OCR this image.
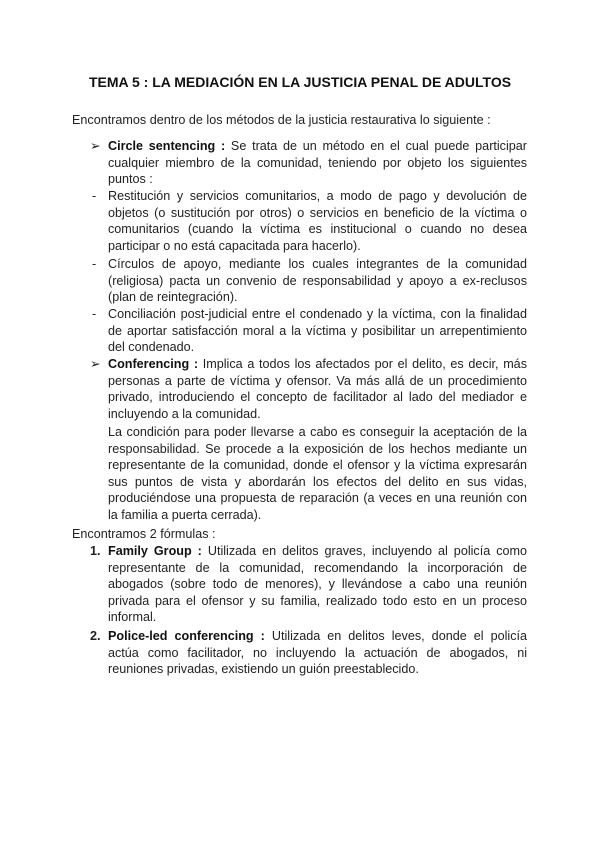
TEMA 5 : LA MEDIACIÓN EN LA JUSTICIA PENAL DE ADULTOS

Encontramos dentro de los métodos de la justicia restaurativa lo siguiente :

➢ Circle sentencing : Se trata de un método en el cual puede participar cualquier miembro de la comunidad, teniendo por objeto los siguientes puntos :

- Restitución y servicios comunitarios, a modo de pago y devolución de objetos (o sustitución por otros) o servicios en beneficio de la víctima o comunitarios (cuando la víctima es institucional o cuando no desea participar o no está capacitada para hacerlo).

- Círculos de apoyo, mediante los cuales integrantes de la comunidad (religiosa) pacta un convenio de responsabilidad y apoyo a ex-reclusos (plan de reintegración).

- Conciliación post-judicial entre el condenado y la víctima, con la finalidad de aportar satisfacción moral a la víctima y posibilitar un arrepentimiento del condenado.

➢ Conferencing : Implica a todos los afectados por el delito, es decir, más personas a parte de víctima y ofensor. Va más allá de un procedimiento privado, introduciendo el concepto de facilitador al lado del mediador e incluyendo a la comunidad.

La condición para poder llevarse a cabo es conseguir la aceptación de la responsabilidad. Se procede a la exposición de los hechos mediante un representante de la comunidad, donde el ofensor y la víctima expresarán sus puntos de vista y abordarán los efectos del delito en sus vidas, produciéndose una propuesta de reparación (a veces en una reunión con la familia a puerta cerrada).

Encontramos 2 fórmulas :

1. Family Group : Utilizada en delitos graves, incluyendo al policía como representante de la comunidad, recomendando la incorporación de abogados (sobre todo de menores), y llevándose a cabo una reunión privada para el ofensor y su familia, realizado todo esto en un proceso informal.

2. Police-led conferencing : Utilizada en delitos leves, donde el policía actúa como facilitador, no incluyendo la actuación de abogados, ni reuniones privadas, existiendo un guión preestablecido.
